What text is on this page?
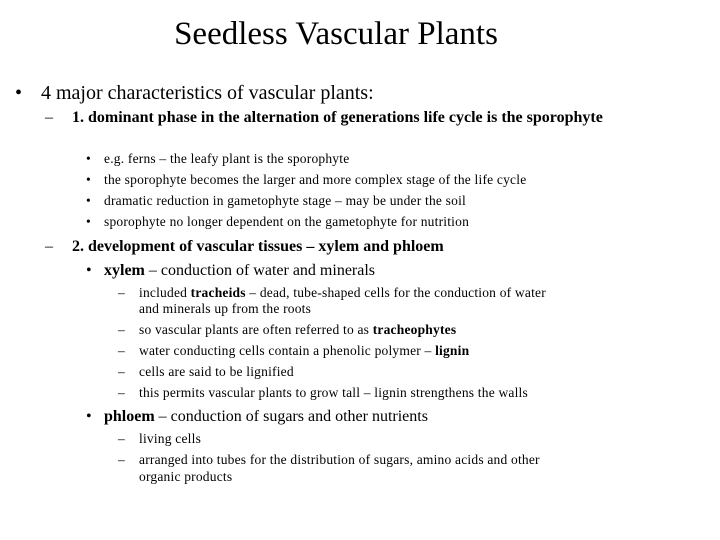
Seedless Vascular Plants
• 4 major characteristics of vascular plants:
– 1. dominant phase in the alternation of generations life cycle is the sporophyte
• e.g. ferns – the leafy plant is the sporophyte
• the sporophyte becomes the larger and more complex stage of the life cycle
• dramatic reduction in gametophyte stage – may be under the soil
• sporophyte no longer dependent on the gametophyte for nutrition
– 2. development of vascular tissues – xylem and phloem
• xylem – conduction of water and minerals
– included tracheids – dead, tube-shaped cells for the conduction of water
and minerals up from the roots
– so vascular plants are often referred to as tracheophytes
– water conducting cells contain a phenolic polymer – lignin
– cells are said to be lignified
– this permits vascular plants to grow tall – lignin strengthens the walls
• phloem – conduction of sugars and other nutrients
– living cells
– arranged into tubes for the distribution of sugars, amino acids and other
organic products
